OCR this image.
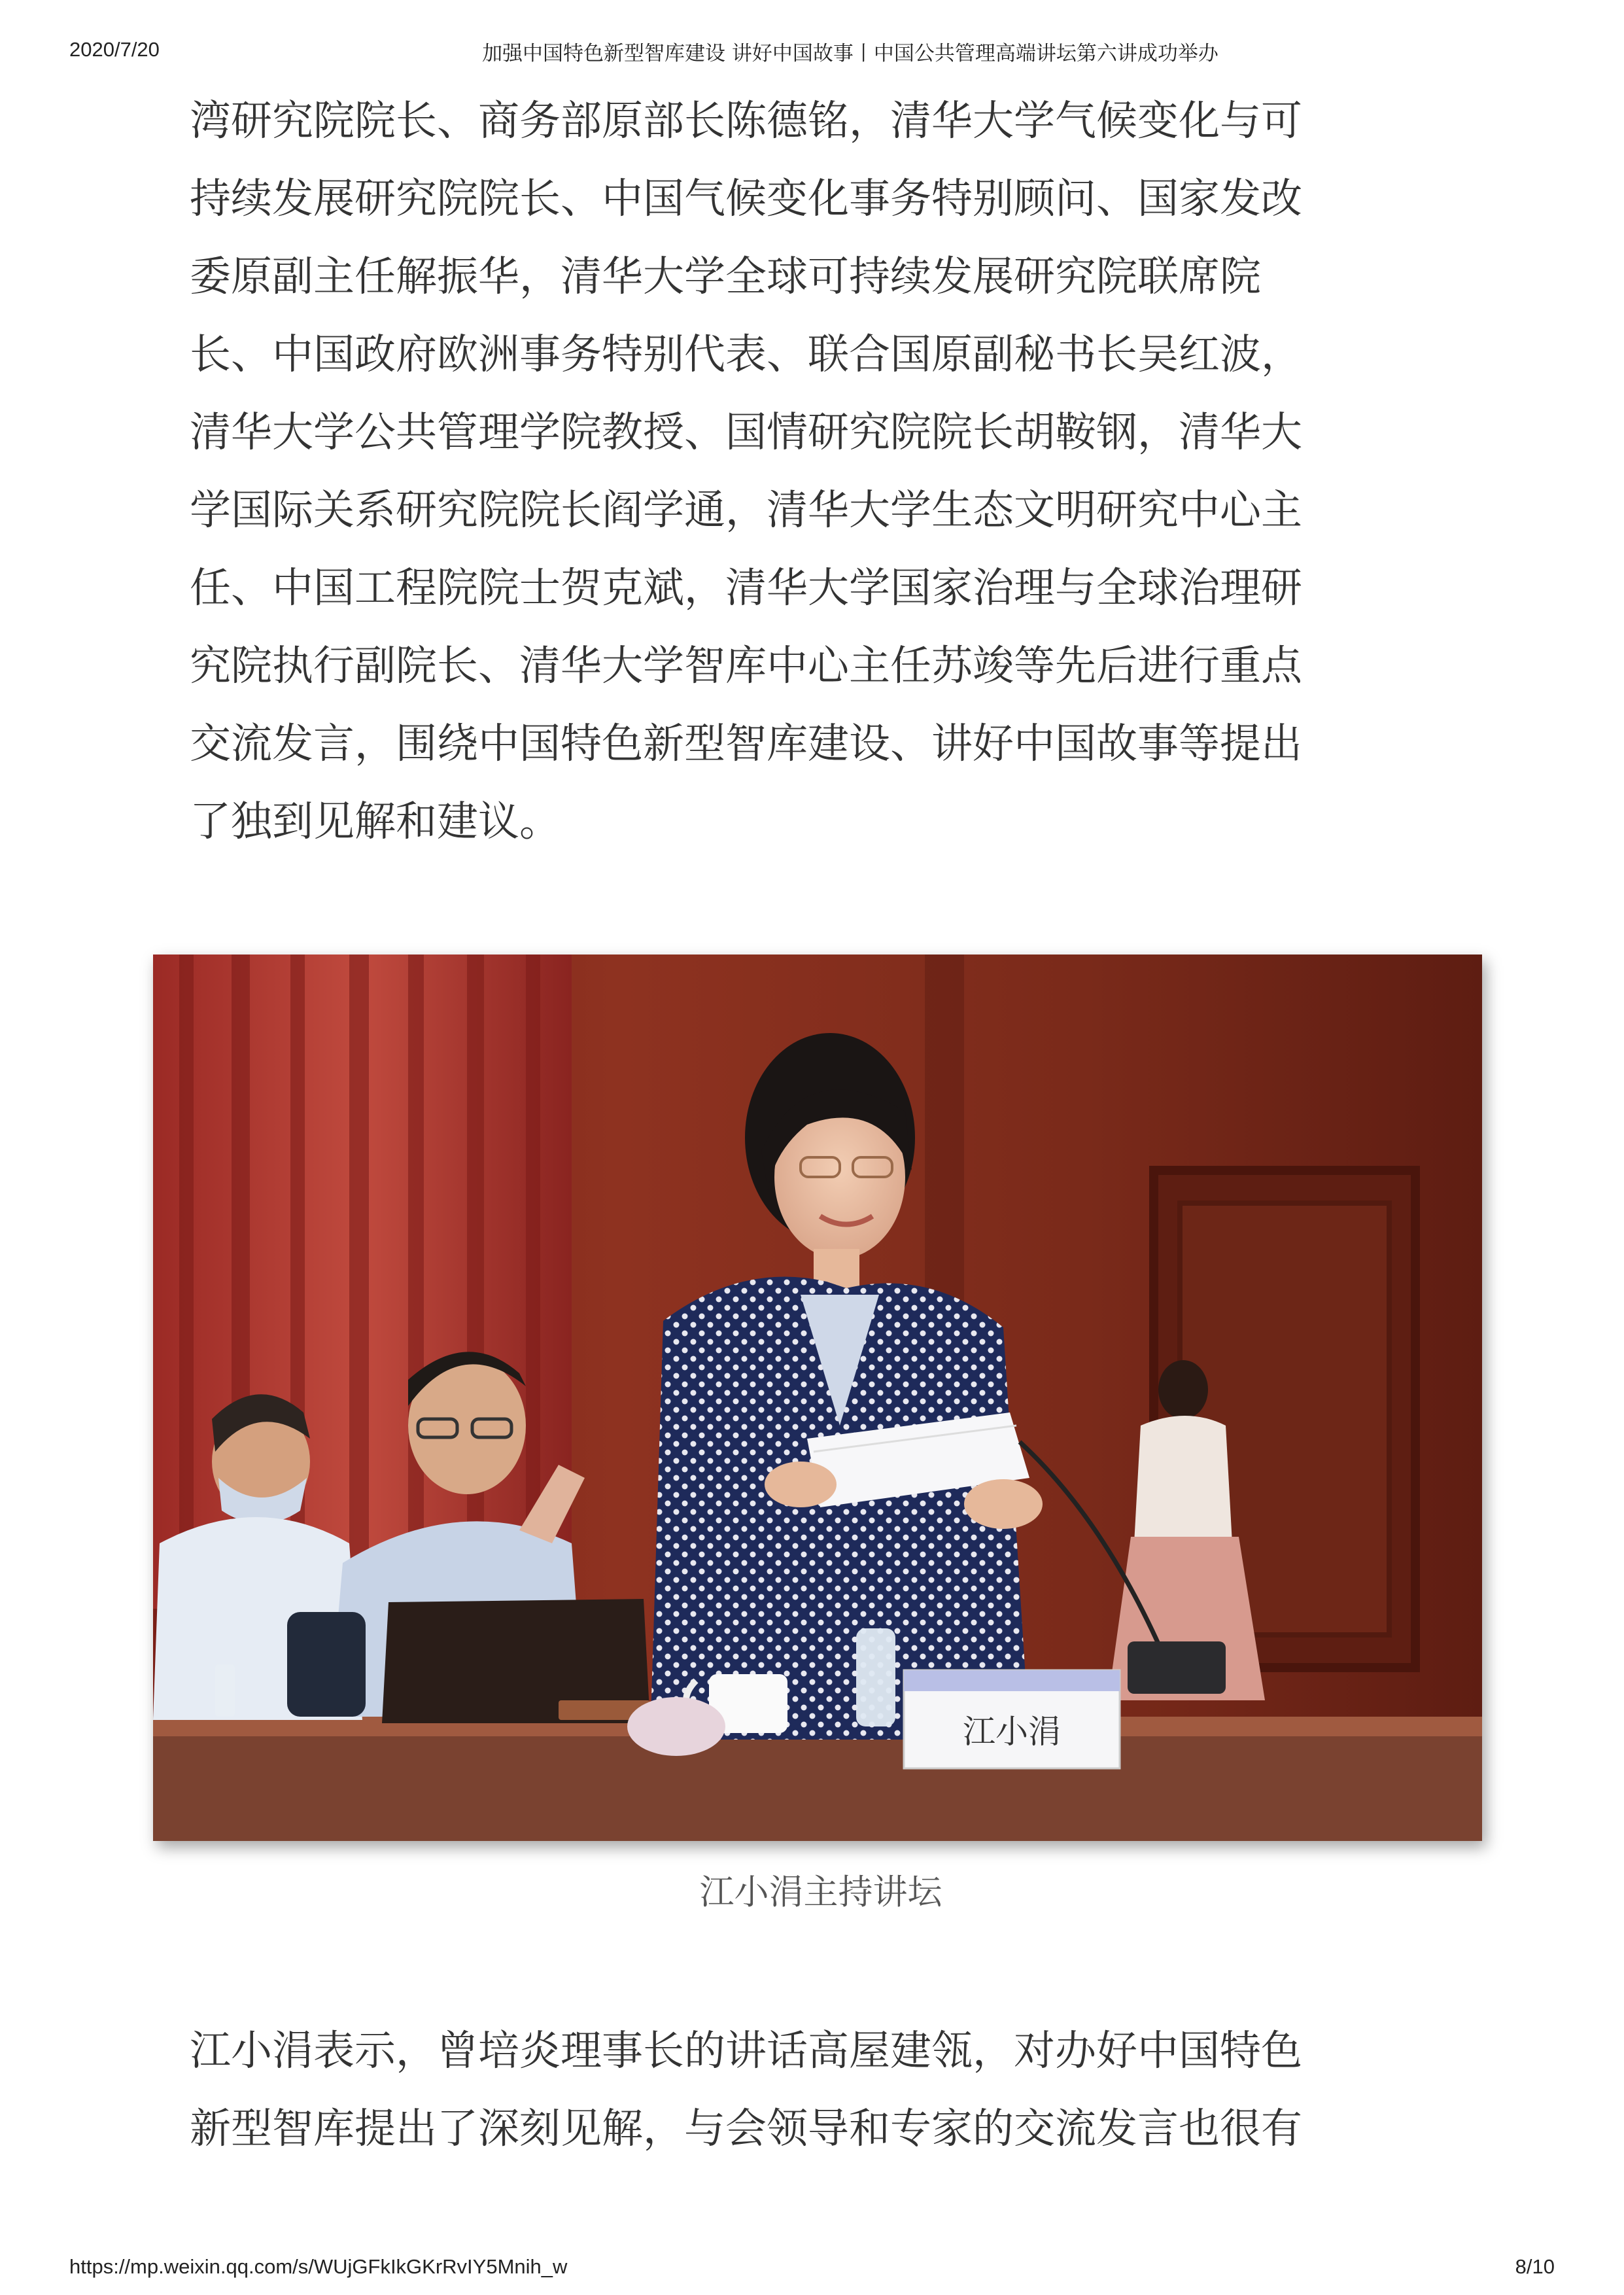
2020/7/20	加强中国特色新型智库建设 讲好中国故事丨中国公共管理高端讲坛第六讲成功举办
湾研究院院长、商务部原部长陈德铭，清华大学气候变化与可
持续发展研究院院长、中国气候变化事务特别顾问、国家发改
委原副主任解振华，清华大学全球可持续发展研究院联席院
长、中国政府欧洲事务特别代表、联合国原副秘书长吴红波，
清华大学公共管理学院教授、国情研究院院长胡鞍钢，清华大
学国际关系研究院院长阎学通，清华大学生态文明研究中心主
任、中国工程院院士贺克斌，清华大学国家治理与全球治理研
究院执行副院长、清华大学智库中心主任苏竣等先后进行重点
交流发言，围绕中国特色新型智库建设、讲好中国故事等提出
了独到见解和建议。
江小涓
江小涓主持讲坛
江小涓表示，曾培炎理事长的讲话高屋建瓴，对办好中国特色
新型智库提出了深刻见解，与会领导和专家的交流发言也很有
https://mp.weixin.qq.com/s/WUjGFkIkGKrRvIY5Mnih_w	8/10
